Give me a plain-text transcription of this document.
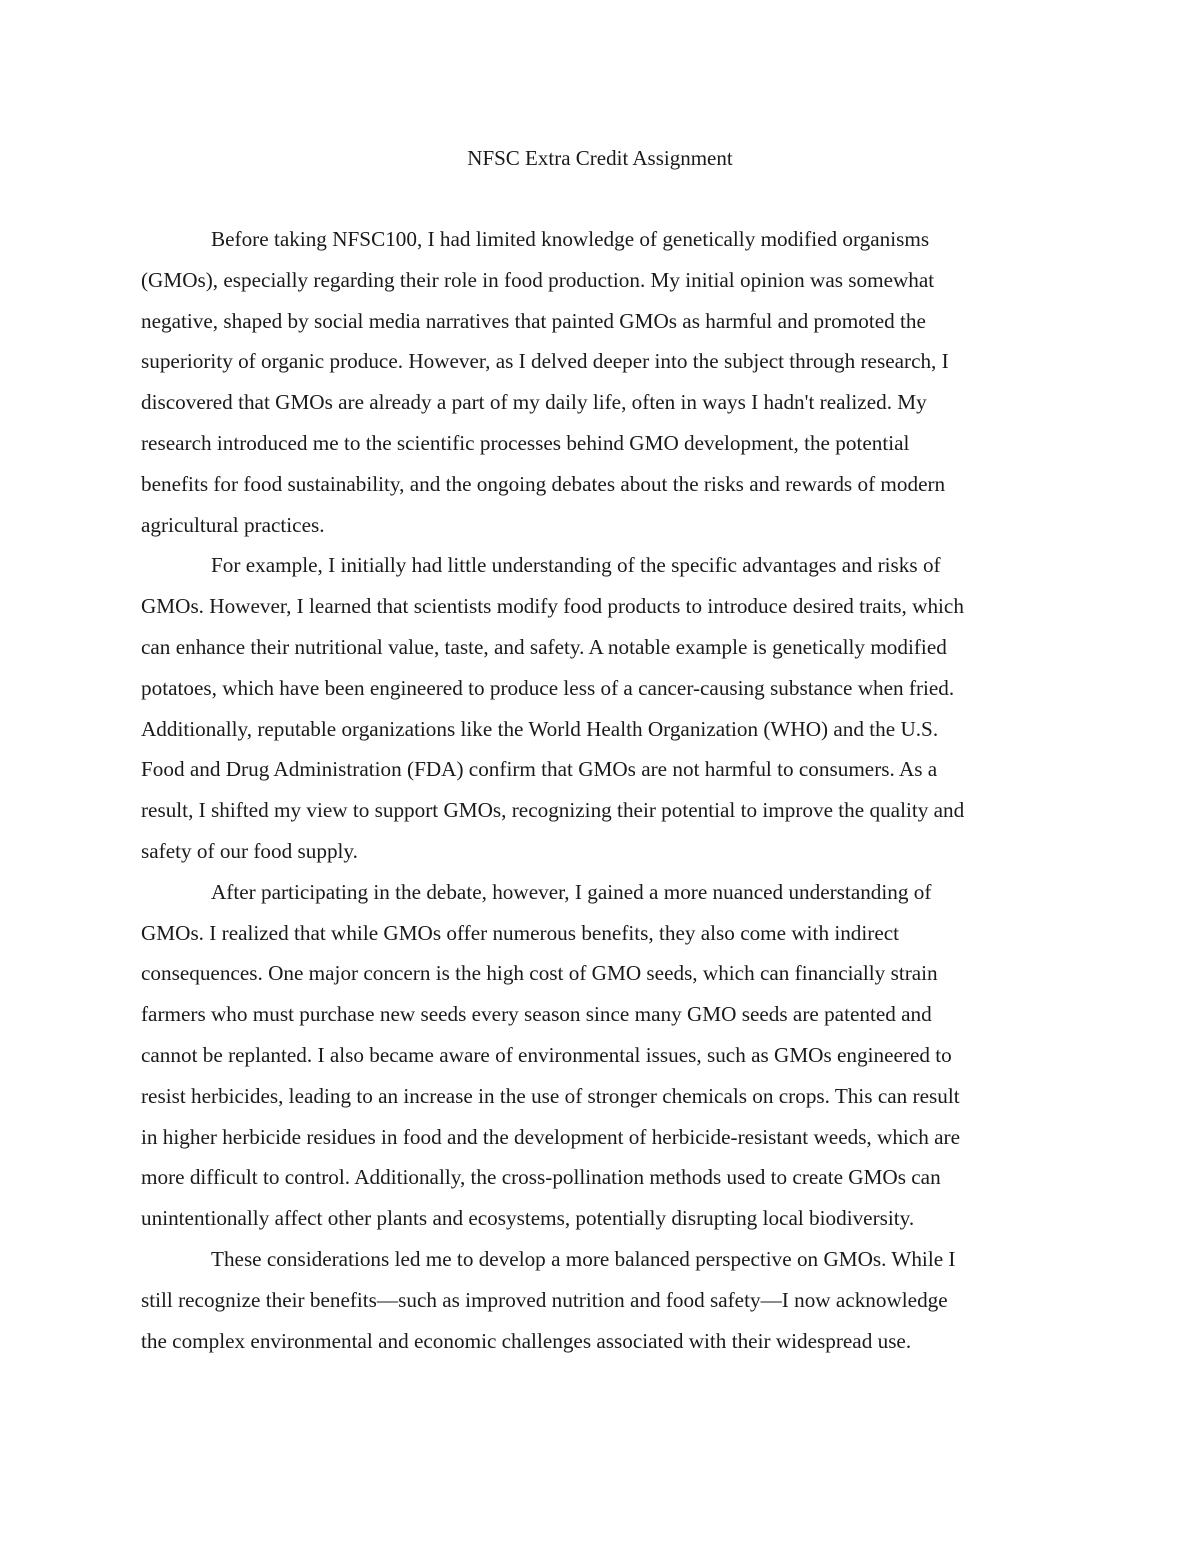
NFSC Extra Credit Assignment

Before taking NFSC100, I had limited knowledge of genetically modified organisms
(GMOs), especially regarding their role in food production. My initial opinion was somewhat
negative, shaped by social media narratives that painted GMOs as harmful and promoted the
superiority of organic produce. However, as I delved deeper into the subject through research, I
discovered that GMOs are already a part of my daily life, often in ways I hadn't realized. My
research introduced me to the scientific processes behind GMO development, the potential
benefits for food sustainability, and the ongoing debates about the risks and rewards of modern
agricultural practices.

For example, I initially had little understanding of the specific advantages and risks of
GMOs. However, I learned that scientists modify food products to introduce desired traits, which
can enhance their nutritional value, taste, and safety. A notable example is genetically modified
potatoes, which have been engineered to produce less of a cancer-causing substance when fried.
Additionally, reputable organizations like the World Health Organization (WHO) and the U.S.
Food and Drug Administration (FDA) confirm that GMOs are not harmful to consumers. As a
result, I shifted my view to support GMOs, recognizing their potential to improve the quality and
safety of our food supply.

After participating in the debate, however, I gained a more nuanced understanding of
GMOs. I realized that while GMOs offer numerous benefits, they also come with indirect
consequences. One major concern is the high cost of GMO seeds, which can financially strain
farmers who must purchase new seeds every season since many GMO seeds are patented and
cannot be replanted. I also became aware of environmental issues, such as GMOs engineered to
resist herbicides, leading to an increase in the use of stronger chemicals on crops. This can result
in higher herbicide residues in food and the development of herbicide-resistant weeds, which are
more difficult to control. Additionally, the cross-pollination methods used to create GMOs can
unintentionally affect other plants and ecosystems, potentially disrupting local biodiversity.

These considerations led me to develop a more balanced perspective on GMOs. While I
still recognize their benefits—such as improved nutrition and food safety—I now acknowledge
the complex environmental and economic challenges associated with their widespread use.
